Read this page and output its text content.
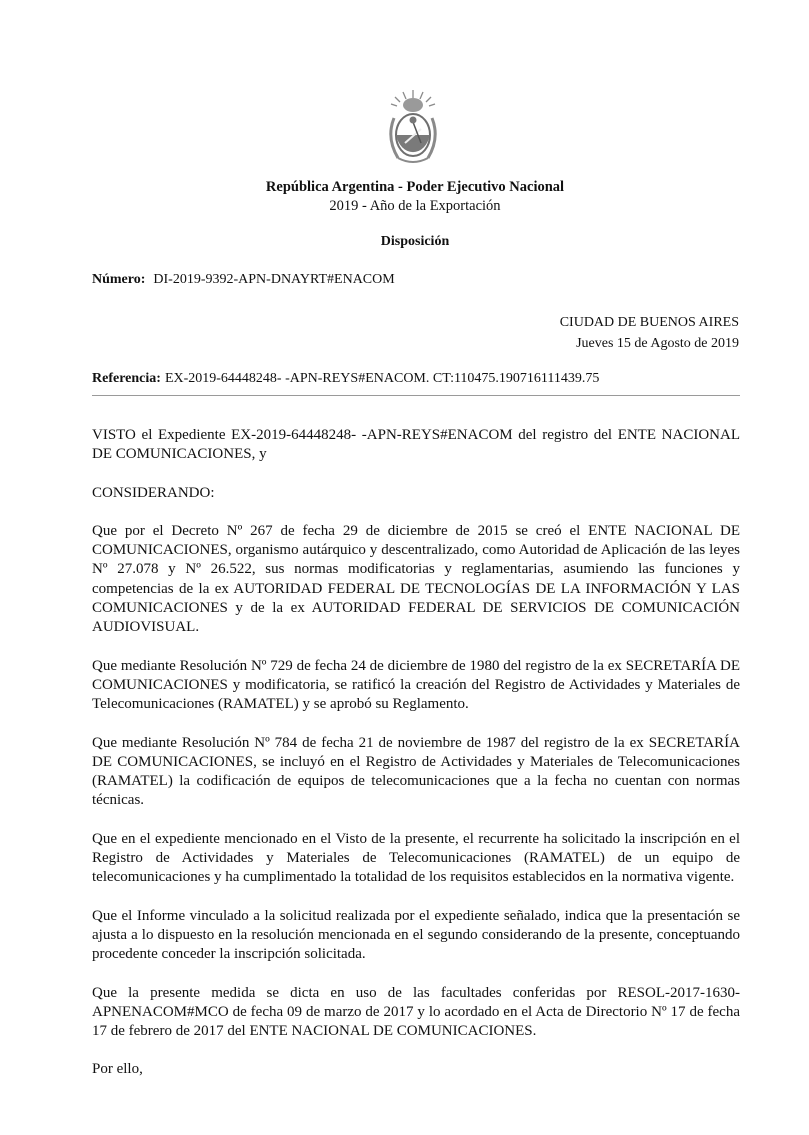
República Argentina - Poder Ejecutivo Nacional
2019 - Año de la Exportación
Disposición
Número: DI-2019-9392-APN-DNAYRT#ENACOM
CIUDAD DE BUENOS AIRES
Jueves 15 de Agosto de 2019
Referencia: EX-2019-64448248- -APN-REYS#ENACOM. CT:110475.190716111439.75

VISTO el Expediente EX-2019-64448248- -APN-REYS#ENACOM del registro del ENTE NACIONAL DE COMUNICACIONES, y

CONSIDERANDO:

Que por el Decreto Nº 267 de fecha 29 de diciembre de 2015 se creó el ENTE NACIONAL DE COMUNICACIONES, organismo autárquico y descentralizado, como Autoridad de Aplicación de las leyes Nº 27.078 y Nº 26.522, sus normas modificatorias y reglamentarias, asumiendo las funciones y competencias de la ex AUTORIDAD FEDERAL DE TECNOLOGÍAS DE LA INFORMACIÓN Y LAS COMUNICACIONES y de la ex AUTORIDAD FEDERAL DE SERVICIOS DE COMUNICACIÓN AUDIOVISUAL.

Que mediante Resolución Nº 729 de fecha 24 de diciembre de 1980 del registro de la ex SECRETARÍA DE COMUNICACIONES y modificatoria, se ratificó la creación del Registro de Actividades y Materiales de Telecomunicaciones (RAMATEL) y se aprobó su Reglamento.

Que mediante Resolución Nº 784 de fecha 21 de noviembre de 1987 del registro de la ex SECRETARÍA DE COMUNICACIONES, se incluyó en el Registro de Actividades y Materiales de Telecomunicaciones (RAMATEL) la codificación de equipos de telecomunicaciones que a la fecha no cuentan con normas técnicas.

Que en el expediente mencionado en el Visto de la presente, el recurrente ha solicitado la inscripción en el Registro de Actividades y Materiales de Telecomunicaciones (RAMATEL) de un equipo de telecomunicaciones y ha cumplimentado la totalidad de los requisitos establecidos en la normativa vigente.

Que el Informe vinculado a la solicitud realizada por el expediente señalado, indica que la presentación se ajusta a lo dispuesto en la resolución mencionada en el segundo considerando de la presente, conceptuando procedente conceder la inscripción solicitada.

Que la presente medida se dicta en uso de las facultades conferidas por RESOL-2017-1630-APNENACOM#MCO de fecha 09 de marzo de 2017 y lo acordado en el Acta de Directorio Nº 17 de fecha 17 de febrero de 2017 del ENTE NACIONAL DE COMUNICACIONES.

Por ello,
